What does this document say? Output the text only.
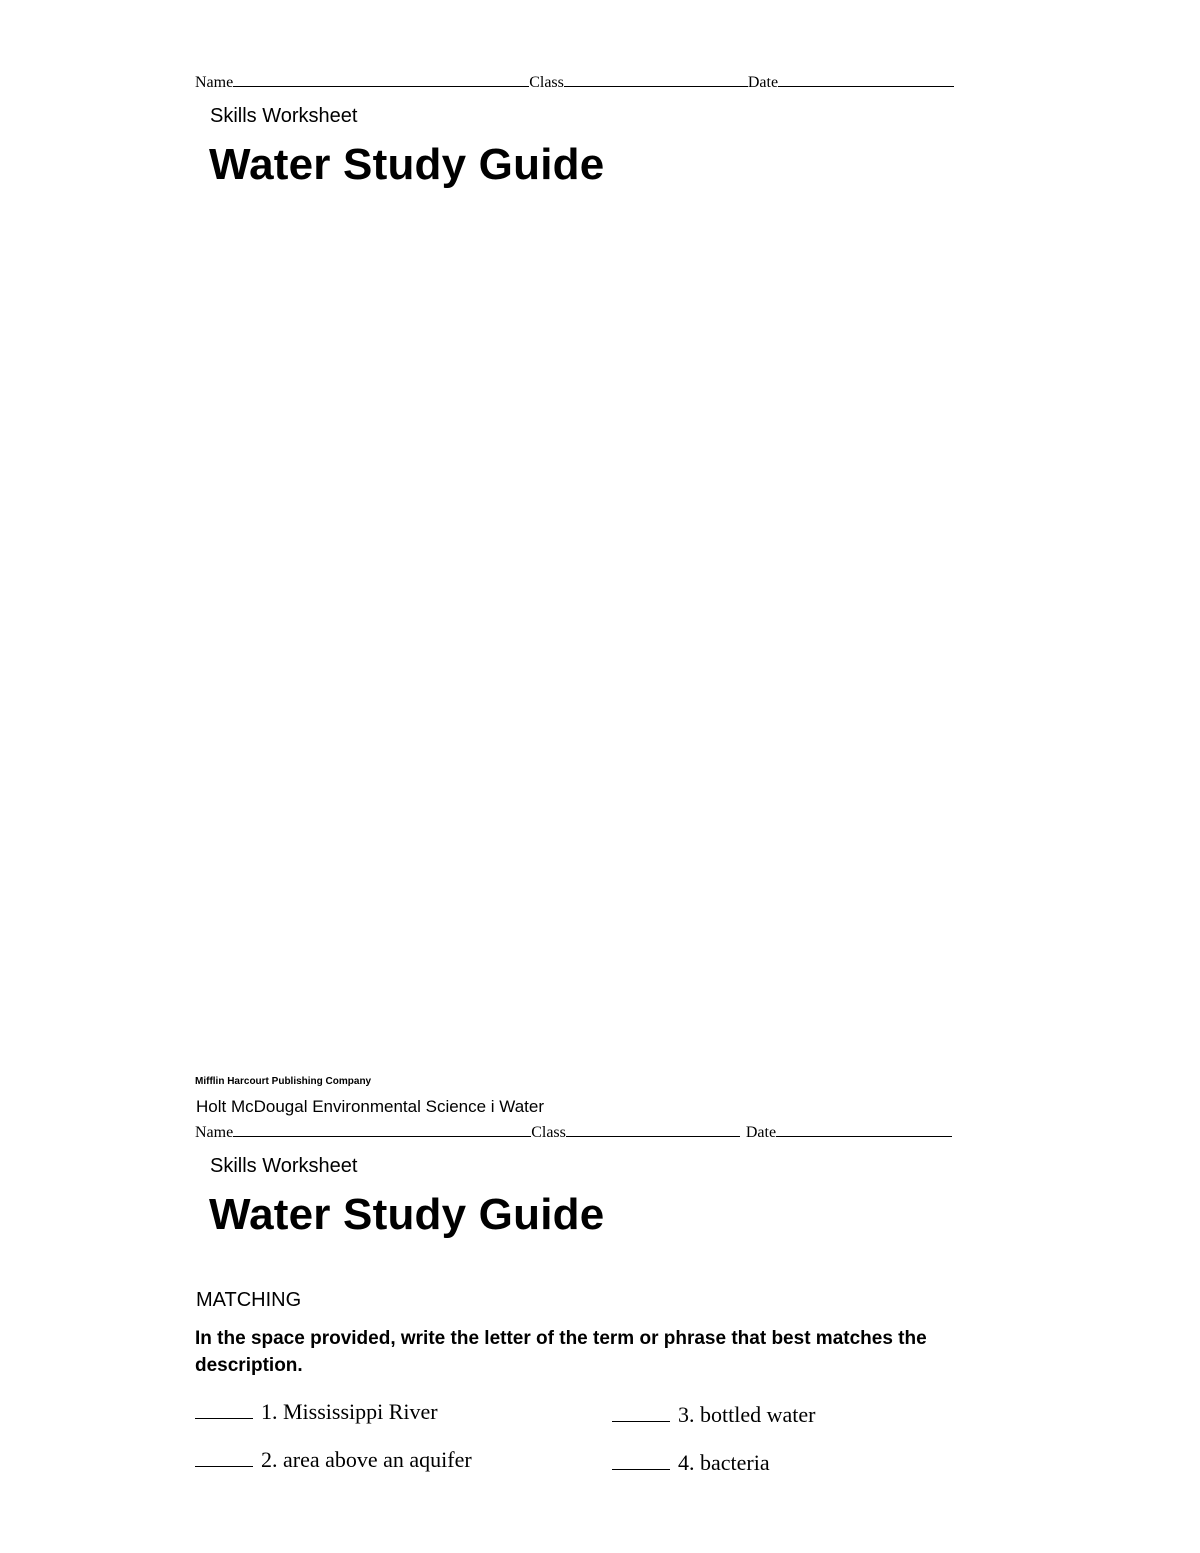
Name	Class	Date
Skills Worksheet
Water Study Guide
Mifflin Harcourt Publishing Company
Holt McDougal Environmental Science i Water
Name	Class	Date
Skills Worksheet
Water Study Guide
MATCHING
In the space provided, write the letter of the term or phrase that best matches the description.
1. Mississippi River
2. area above an aquifer
3. bottled water
4. bacteria
